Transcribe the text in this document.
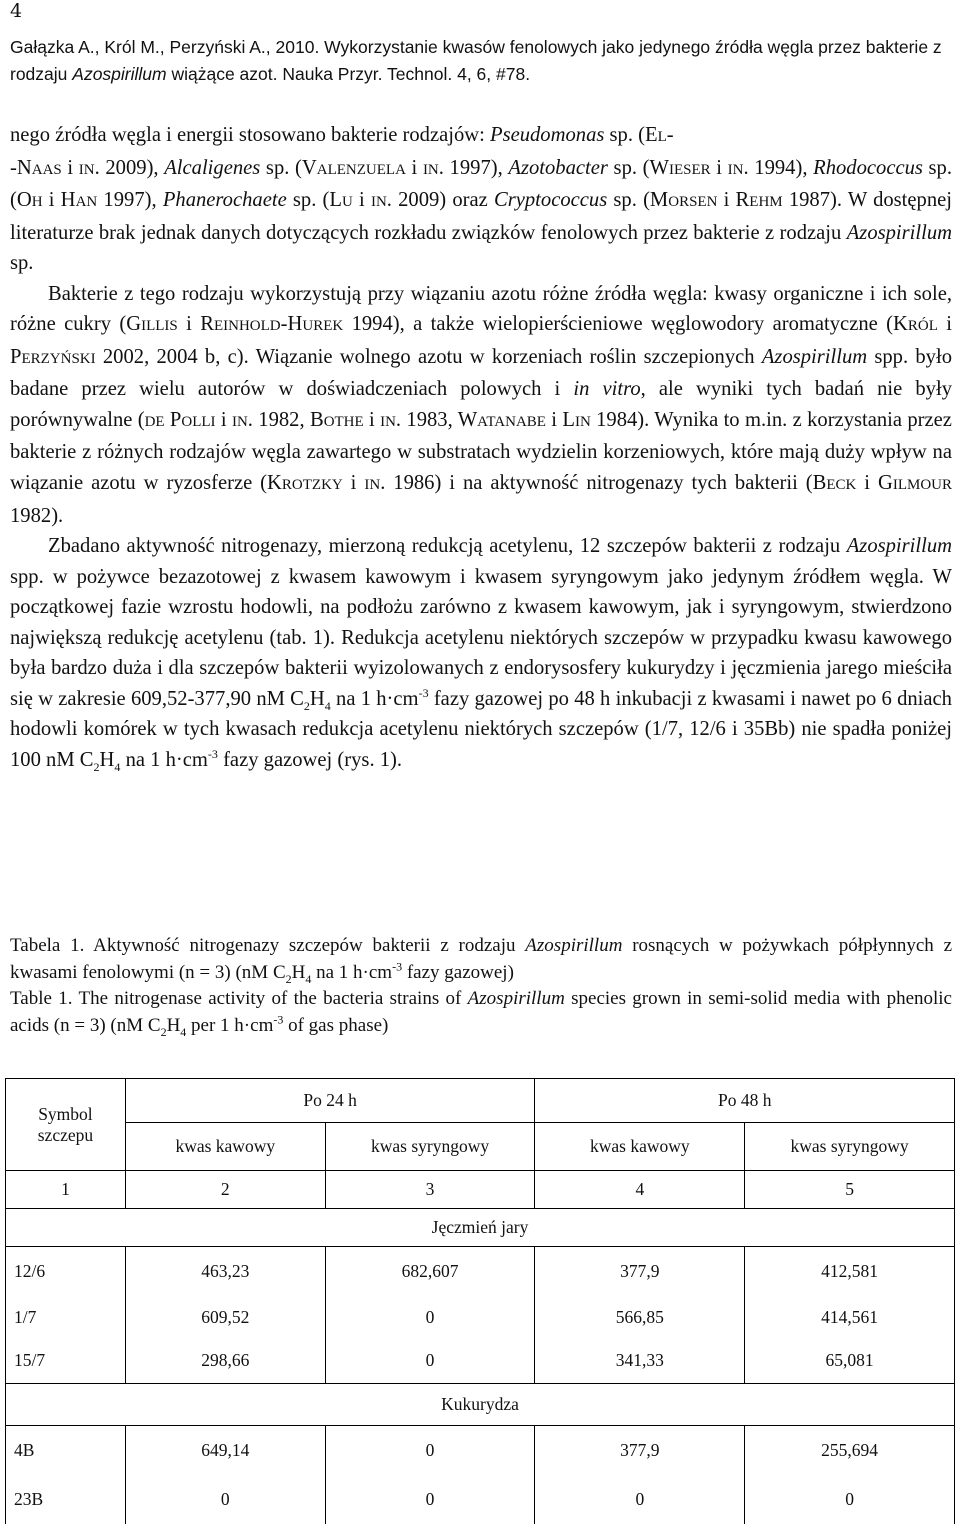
4
Gałązka A., Król M., Perzyński A., 2010. Wykorzystanie kwasów fenolowych jako jedynego źródła węgla przez bakterie z rodzaju Azospirillum wiążące azot. Nauka Przyr. Technol. 4, 6, #78.

nego źródła węgla i energii stosowano bakterie rodzajów: Pseudomonas sp. (EL-
-NAAS i IN. 2009), Alcaligenes sp. (VALENZUELA i IN. 1997), Azotobacter sp. (WIESER i IN. 1994), Rhodococcus sp. (OH i HAN 1997), Phanerochaete sp. (LU i IN. 2009) oraz Cryptococcus sp. (MORSEN i REHM 1987). W dostępnej literaturze brak jednak danych dotyczących rozkładu związków fenolowych przez bakterie z rodzaju Azospirillum sp.

Bakterie z tego rodzaju wykorzystują przy wiązaniu azotu różne źródła węgla: kwasy organiczne i ich sole, różne cukry (GILLIS i REINHOLD-HUREK 1994), a także wielopierścieniowe węglowodory aromatyczne (KRÓL i PERZYŃSKI 2002, 2004 b, c). Wiązanie wolnego azotu w korzeniach roślin szczepionych Azospirillum spp. było badane przez wielu autorów w doświadczeniach polowych i in vitro, ale wyniki tych badań nie były porównywalne (DE POLLI i IN. 1982, BOTHE i IN. 1983, WATANABE i LIN 1984). Wynika to m.in. z korzystania przez bakterie z różnych rodzajów węgla zawartego w substratach wydzielin korzeniowych, które mają duży wpływ na wiązanie azotu w ryzosferze (KROTZKY i IN. 1986) i na aktywność nitrogenazy tych bakterii (BECK i GILMOUR 1982).

Zbadano aktywność nitrogenazy, mierzoną redukcją acetylenu, 12 szczepów bakterii z rodzaju Azospirillum spp. w pożywce bezazotowej z kwasem kawowym i kwasem syryngowym jako jedynym źródłem węgla. W początkowej fazie wzrostu hodowli, na podłożu zarówno z kwasem kawowym, jak i syryngowym, stwierdzono największą redukcję acetylenu (tab. 1). Redukcja acetylenu niektórych szczepów w przypadku kwasu kawowego była bardzo duża i dla szczepów bakterii wyizolowanych z endorysosfery kukurydzy i jęczmienia jarego mieściła się w zakresie 609,52-377,90 nM $C_2H_4$ na 1 $h\cdot cm^{-3}$ fazy gazowej po 48 h inkubacji z kwasami i nawet po 6 dniach hodowli komórek w tych kwasach redukcja acetylenu niektórych szczepów (1/7, 12/6 i 35Bb) nie spadła poniżej 100 nM $C_2H_4$ na 1 $h\cdot cm^{-3}$ fazy gazowej (rys. 1).

Tabela 1. Aktywność nitrogenazy szczepów bakterii z rodzaju Azospirillum rosnących w pożywkach półpłynnych z kwasami fenolowymi (n = 3) (nM $C_2H_4$ na 1 $h\cdot cm^{-3}$ fazy gazowej)

Table 1. The nitrogenase activity of the bacteria strains of Azospirillum species grown in semi-solid media with phenolic acids (n = 3) (nM $C_2H_4$ per 1 $h\cdot cm^{-3}$ of gas phase)

Symbol
szczepu	Po 24 h		Po 48 h	
	kwas kawowy	kwas syryngowy	kwas kawowy	kwas syryngowy
1	2	3	4	5
Jęczmień jary				
12/6	463,23	682,607	377,9	412,581
1/7	609,52	0	566,85	414,561
15/7	298,66	0	341,33	65,081
Kukurydza				
4B	649,14	0	377,9	255,694
23B	0	0	0	0
